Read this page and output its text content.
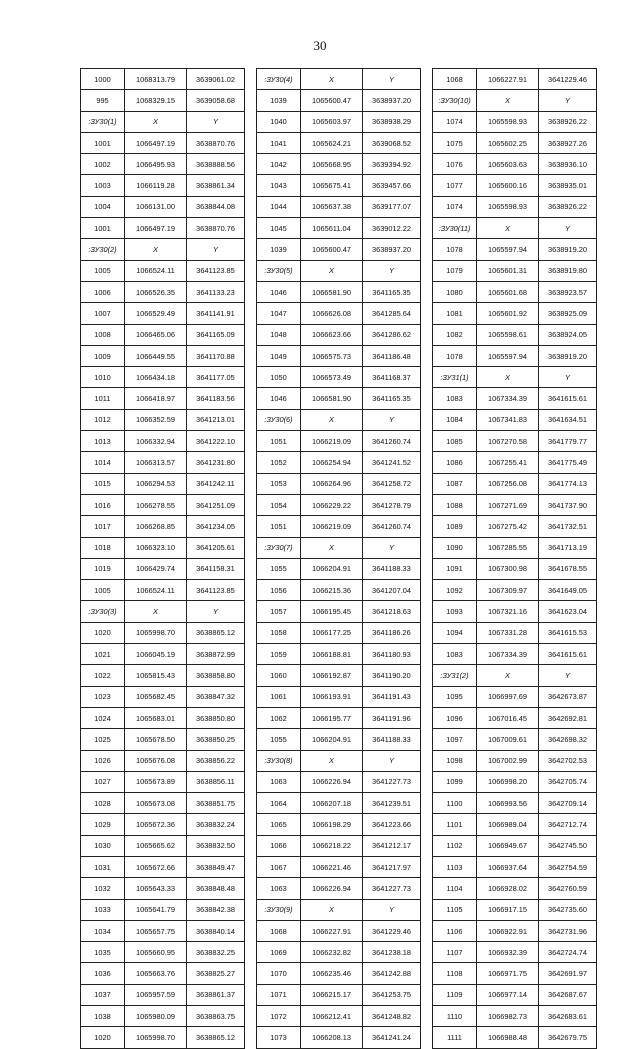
30
1000	1068313.79	3639061.02
995	1068329.15	3639058.68
:ЗУ30(1)	X	Y
1001	1066497.19	3638870.76
1002	1066495.93	3638888.56
1003	1066119.28	3638861.34
1004	1066131.00	3638844.08
1001	1066497.19	3638870.76
:ЗУ30(2)	X	Y
1005	1066524.11	3641123.85
1006	1066526.35	3641133.23
1007	1066529.49	3641141.91
1008	1066465.06	3641165.09
1009	1066449.55	3641170.88
1010	1066434.18	3641177.05
1011	1066418.97	3641183.56
1012	1066352.59	3641213.01
1013	1066332.94	3641222.10
1014	1066313.57	3641231.80
1015	1066294.53	3641242.11
1016	1066278.55	3641251.09
1017	1066268.85	3641234.05
1018	1066323.10	3641205.61
1019	1066429.74	3641158.31
1005	1066524.11	3641123.85
:ЗУ30(3)	X	Y
1020	1065998.70	3638865.12
1021	1066045.19	3638872.99
1022	1065815.43	3638858.80
1023	1065682.45	3638847.32
1024	1065683.01	3638850.80
1025	1065678.50	3638850.25
1026	1065676.08	3638856.22
1027	1065673.89	3638856.11
1028	1065673.08	3638851.75
1029	1065672.36	3638832.24
1030	1065665.62	3638832.50
1031	1065672.66	3638849.47
1032	1065643.33	3638848.48
1033	1065641.79	3638842.38
1034	1065657.75	3638840.14
1035	1065660.95	3638832.25
1036	1065663.76	3638825.27
1037	1065957.59	3638861.37
1038	1065980.09	3638863.75
1020	1065998.70	3638865.12
:ЗУ30(4)	X	Y
1039	1065600.47	3638937.20
1040	1065603.97	3638938.29
1041	1065624.21	3639068.52
1042	1065668.95	3639394.92
1043	1065675.41	3639457.66
1044	1065637.38	3639177.07
1045	1065611.04	3639012.22
1039	1065600.47	3638937.20
:ЗУ30(5)	X	Y
1046	1066581.90	3641165.35
1047	1066626.08	3641285.64
1048	1066623.66	3641286.62
1049	1066575.73	3641186.48
1050	1066573.49	3641168.37
1046	1066581.90	3641165.35
:ЗУ30(6)	X	Y
1051	1066219.09	3641260.74
1052	1066254.94	3641241.52
1053	1066264.96	3641258.72
1054	1066229.22	3641278.79
1051	1066219.09	3641260.74
:ЗУ30(7)	X	Y
1055	1066204.91	3641188.33
1056	1066215.36	3641207.04
1057	1066195.45	3641218.63
1058	1066177.25	3641186.26
1059	1066188.81	3641180.93
1060	1066192.87	3641190.20
1061	1066193.91	3641191.43
1062	1066195.77	3641191.96
1055	1066204.91	3641188.33
:ЗУ30(8)	X	Y
1063	1066226.94	3641227.73
1064	1066207.18	3641239.51
1065	1066198.29	3641223.66
1066	1066218.22	3641212.17
1067	1066221.46	3641217.97
1063	1066226.94	3641227.73
:ЗУ30(9)	X	Y
1068	1066227.91	3641229.46
1069	1066232.82	3641238.18
1070	1066235.46	3641242.88
1071	1066215.17	3641253.75
1072	1066212.41	3641248.82
1073	1066208.13	3641241.24
1068	1066227.91	3641229.46
:ЗУ30(10)	X	Y
1074	1065598.93	3638926.22
1075	1065602.25	3638927.26
1076	1065603.63	3638936.10
1077	1065600.16	3638935.01
1074	1065598.93	3638926.22
:ЗУ30(11)	X	Y
1078	1065597.94	3638919.20
1079	1065601.31	3638919.80
1080	1065601.68	3638923.57
1081	1065601.92	3638925.09
1082	1065598.61	3638924.05
1078	1065597.94	3638919.20
:ЗУ31(1)	X	Y
1083	1067334.39	3641615.61
1084	1067341.83	3641634.51
1085	1067270.58	3641779.77
1086	1067255.41	3641775.49
1087	1067256.08	3641774.13
1088	1067271.69	3641737.90
1089	1067275.42	3641732.51
1090	1067285.55	3641713.19
1091	1067300.98	3641678.55
1092	1067309.97	3641649.05
1093	1067321.16	3641623.04
1094	1067331.28	3641615.53
1083	1067334.39	3641615.61
:ЗУ31(2)	X	Y
1095	1066997.69	3642673.87
1096	1067016.45	3642692.81
1097	1067009.61	3642698.32
1098	1067002.99	3642702.53
1099	1066998.20	3642705.74
1100	1066993.56	3642709.14
1101	1066989.04	3642712.74
1102	1066949.67	3642745.50
1103	1066937.64	3642754.59
1104	1066928.02	3642760.59
1105	1066917.15	3642735.60
1106	1066922.91	3642731.96
1107	1066932.39	3642724.74
1108	1066971.75	3642691.97
1109	1066977.14	3642687.67
1110	1066982.73	3642683.61
1111	1066988.48	3642679.75
